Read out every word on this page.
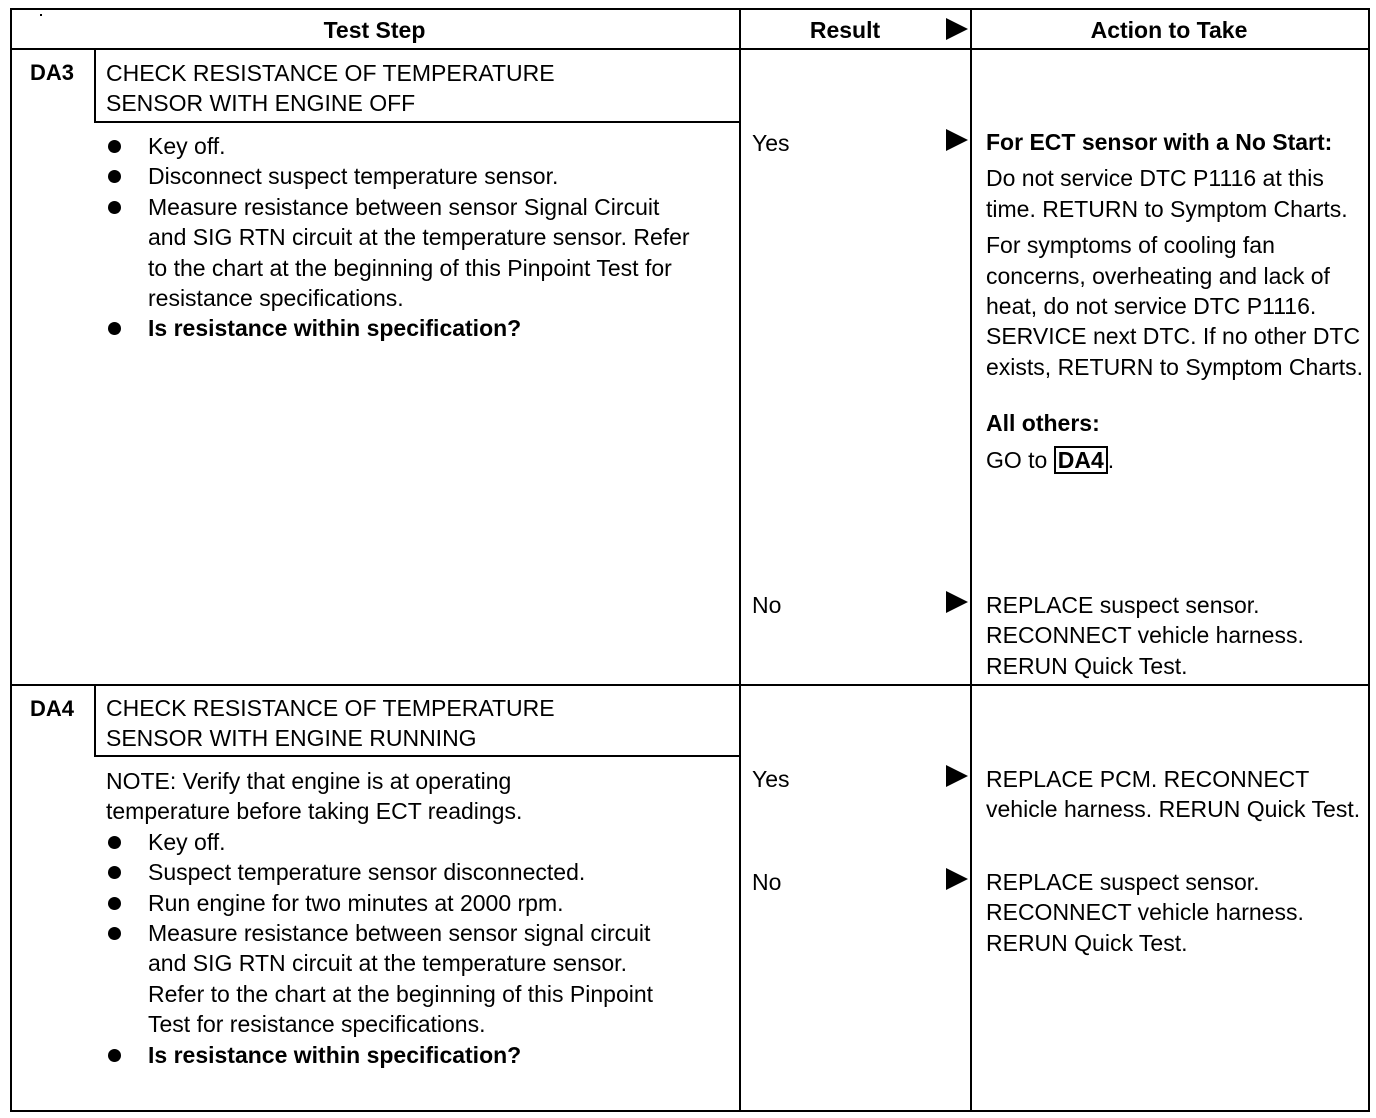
Test Step	Result	Action to Take
DA3	CHECK RESISTANCE OF TEMPERATURE
SENSOR WITH ENGINE OFF
Key off.
Disconnect suspect temperature sensor.
Measure resistance between sensor Signal Circuit and SIG RTN circuit at the temperature sensor. Refer to the chart at the beginning of this Pinpoint Test for resistance specifications.
Is resistance within specification?
Yes	For ECT sensor with a No Start:

Do not service DTC P1116 at this time. RETURN to Symptom Charts.

For symptoms of cooling fan concerns, overheating and lack of heat, do not service DTC P1116. SERVICE next DTC. If no other DTC exists, RETURN to Symptom Charts.

All others:

GO to DA4 .

No	REPLACE suspect sensor.
RECONNECT vehicle harness.
RERUN Quick Test.
DA4	CHECK RESISTANCE OF TEMPERATURE
SENSOR WITH ENGINE RUNNING
NOTE: Verify that engine is at operating temperature before taking ECT readings.
Key off.
Suspect temperature sensor disconnected.
Run engine for two minutes at 2000 rpm.
Measure resistance between sensor signal circuit and SIG RTN circuit at the temperature sensor. Refer to the chart at the beginning of this Pinpoint Test for resistance specifications.
Is resistance within specification?
Yes	REPLACE PCM. RECONNECT vehicle harness. RERUN Quick Test.
No	REPLACE suspect sensor.
RECONNECT vehicle harness.
RERUN Quick Test.
